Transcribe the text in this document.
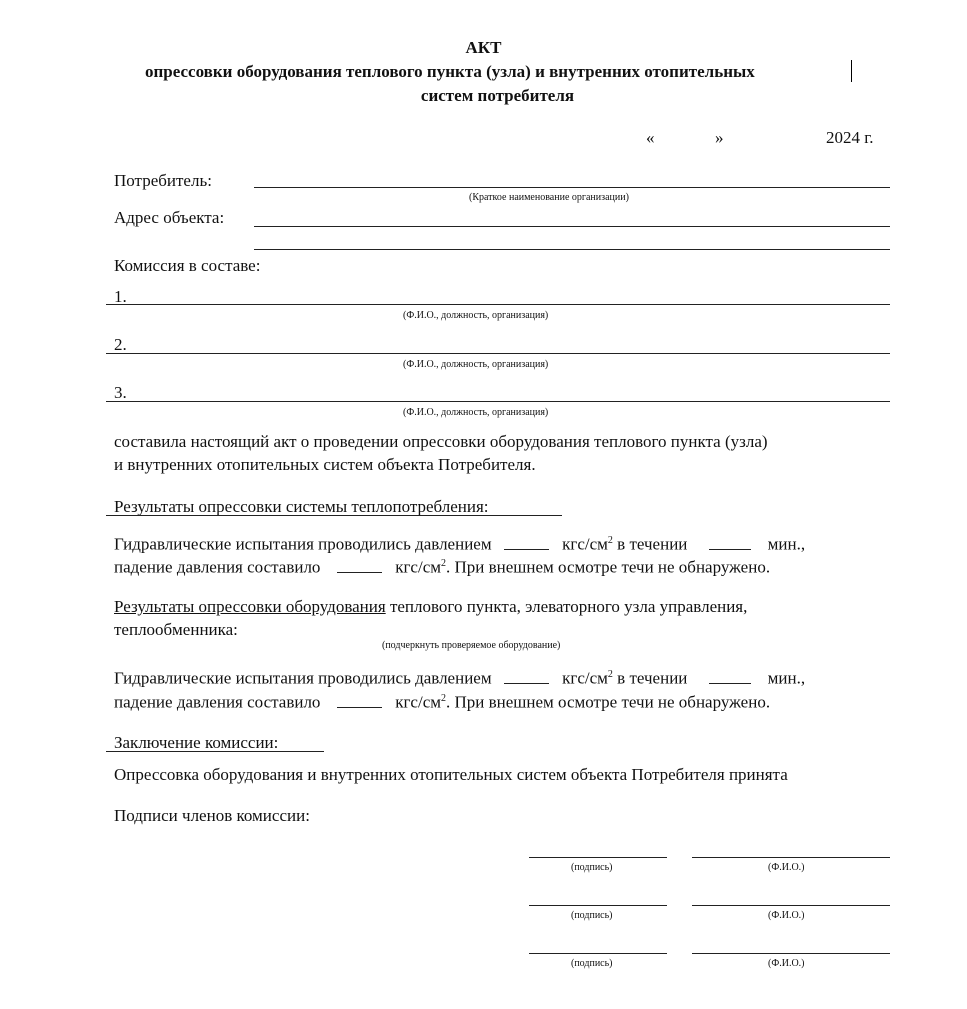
АКТ
опрессовки оборудования теплового пункта (узла) и внутренних отопительных
систем потребителя
«	»	2024 г.
Потребитель:
(Краткое наименование организации)
Адрес объекта:
Комиссия в составе:
1.
(Ф.И.О., должность, организация)
2.
(Ф.И.О., должность, организация)
3.
(Ф.И.О., должность, организация)
составила настоящий акт о проведении опрессовки оборудования теплового пункта (узла)
и внутренних отопительных систем объекта Потребителя.
Результаты опрессовки системы теплопотребления:
Гидравлические испытания проводились давлением	кгс/$см^2$ в течении	мин.,
падение давления составило	кгс/$см^2$. При внешнем осмотре течи не обнаружено.
Результаты опрессовки оборудования теплового пункта, элеваторного узла управления,
теплообменника:
(подчеркнуть проверяемое оборудование)
Гидравлические испытания проводились давлением	кгс/$см^2$ в течении	мин.,
падение давления составило	кгс/$см^2$. При внешнем осмотре течи не обнаружено.
Заключение комиссии:
Опрессовка оборудования и внутренних отопительных систем объекта Потребителя принята
Подписи членов комиссии:
(подпись)	(Ф.И.О.)
(подпись)	(Ф.И.О.)
(подпись)	(Ф.И.О.)
